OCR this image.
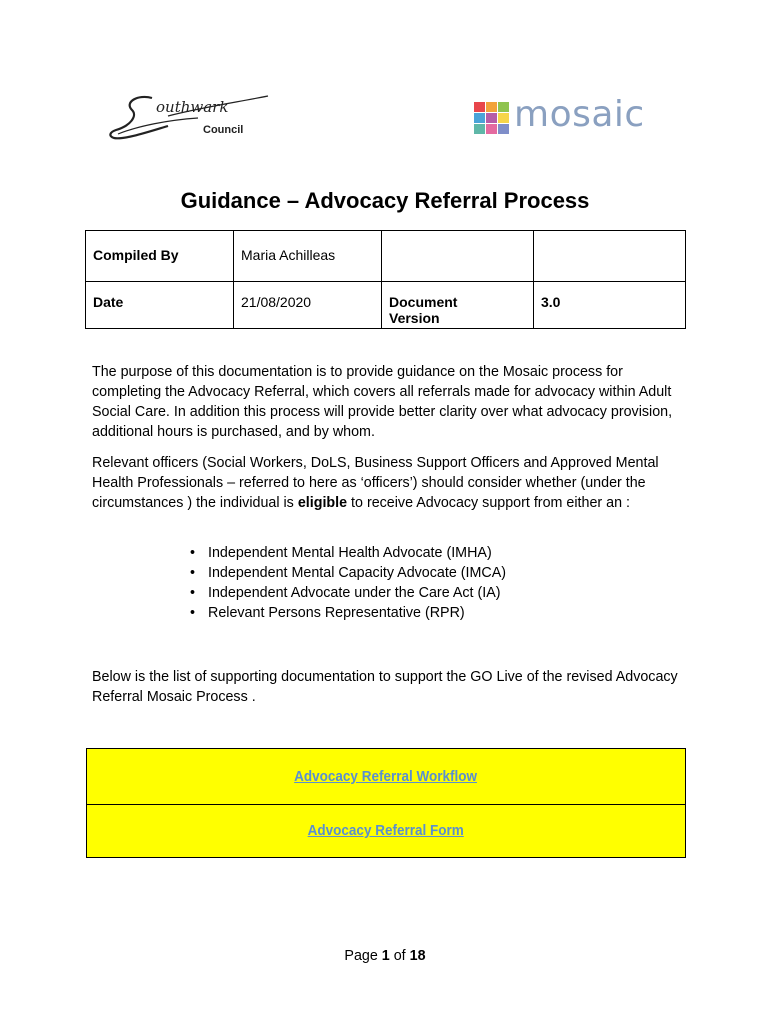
outhwark
Council	mosaic
Guidance – Advocacy Referral Process
Compiled By	Maria Achilleas		
Date	21/08/2020	Document Version	3.0

The purpose of this documentation is to provide guidance on the Mosaic process for completing the Advocacy Referral, which covers all referrals made for advocacy within Adult Social Care. In addition this process will provide better clarity over what advocacy provision, additional hours is purchased, and by whom.

Relevant officers (Social Workers, DoLS, Business Support Officers and Approved Mental Health Professionals – referred to here as ‘officers’) should consider whether (under the circumstances ) the individual is eligible to receive Advocacy support from either an :

• Independent Mental Health Advocate (IMHA)
• Independent Mental Capacity Advocate (IMCA)
• Independent Advocate under the Care Act (IA)
• Relevant Persons Representative (RPR)

Below is the list of supporting documentation to support the GO Live of the revised Advocacy Referral Mosaic Process .

Advocacy Referral Workflow
Advocacy Referral Form
Page 1 of 18
